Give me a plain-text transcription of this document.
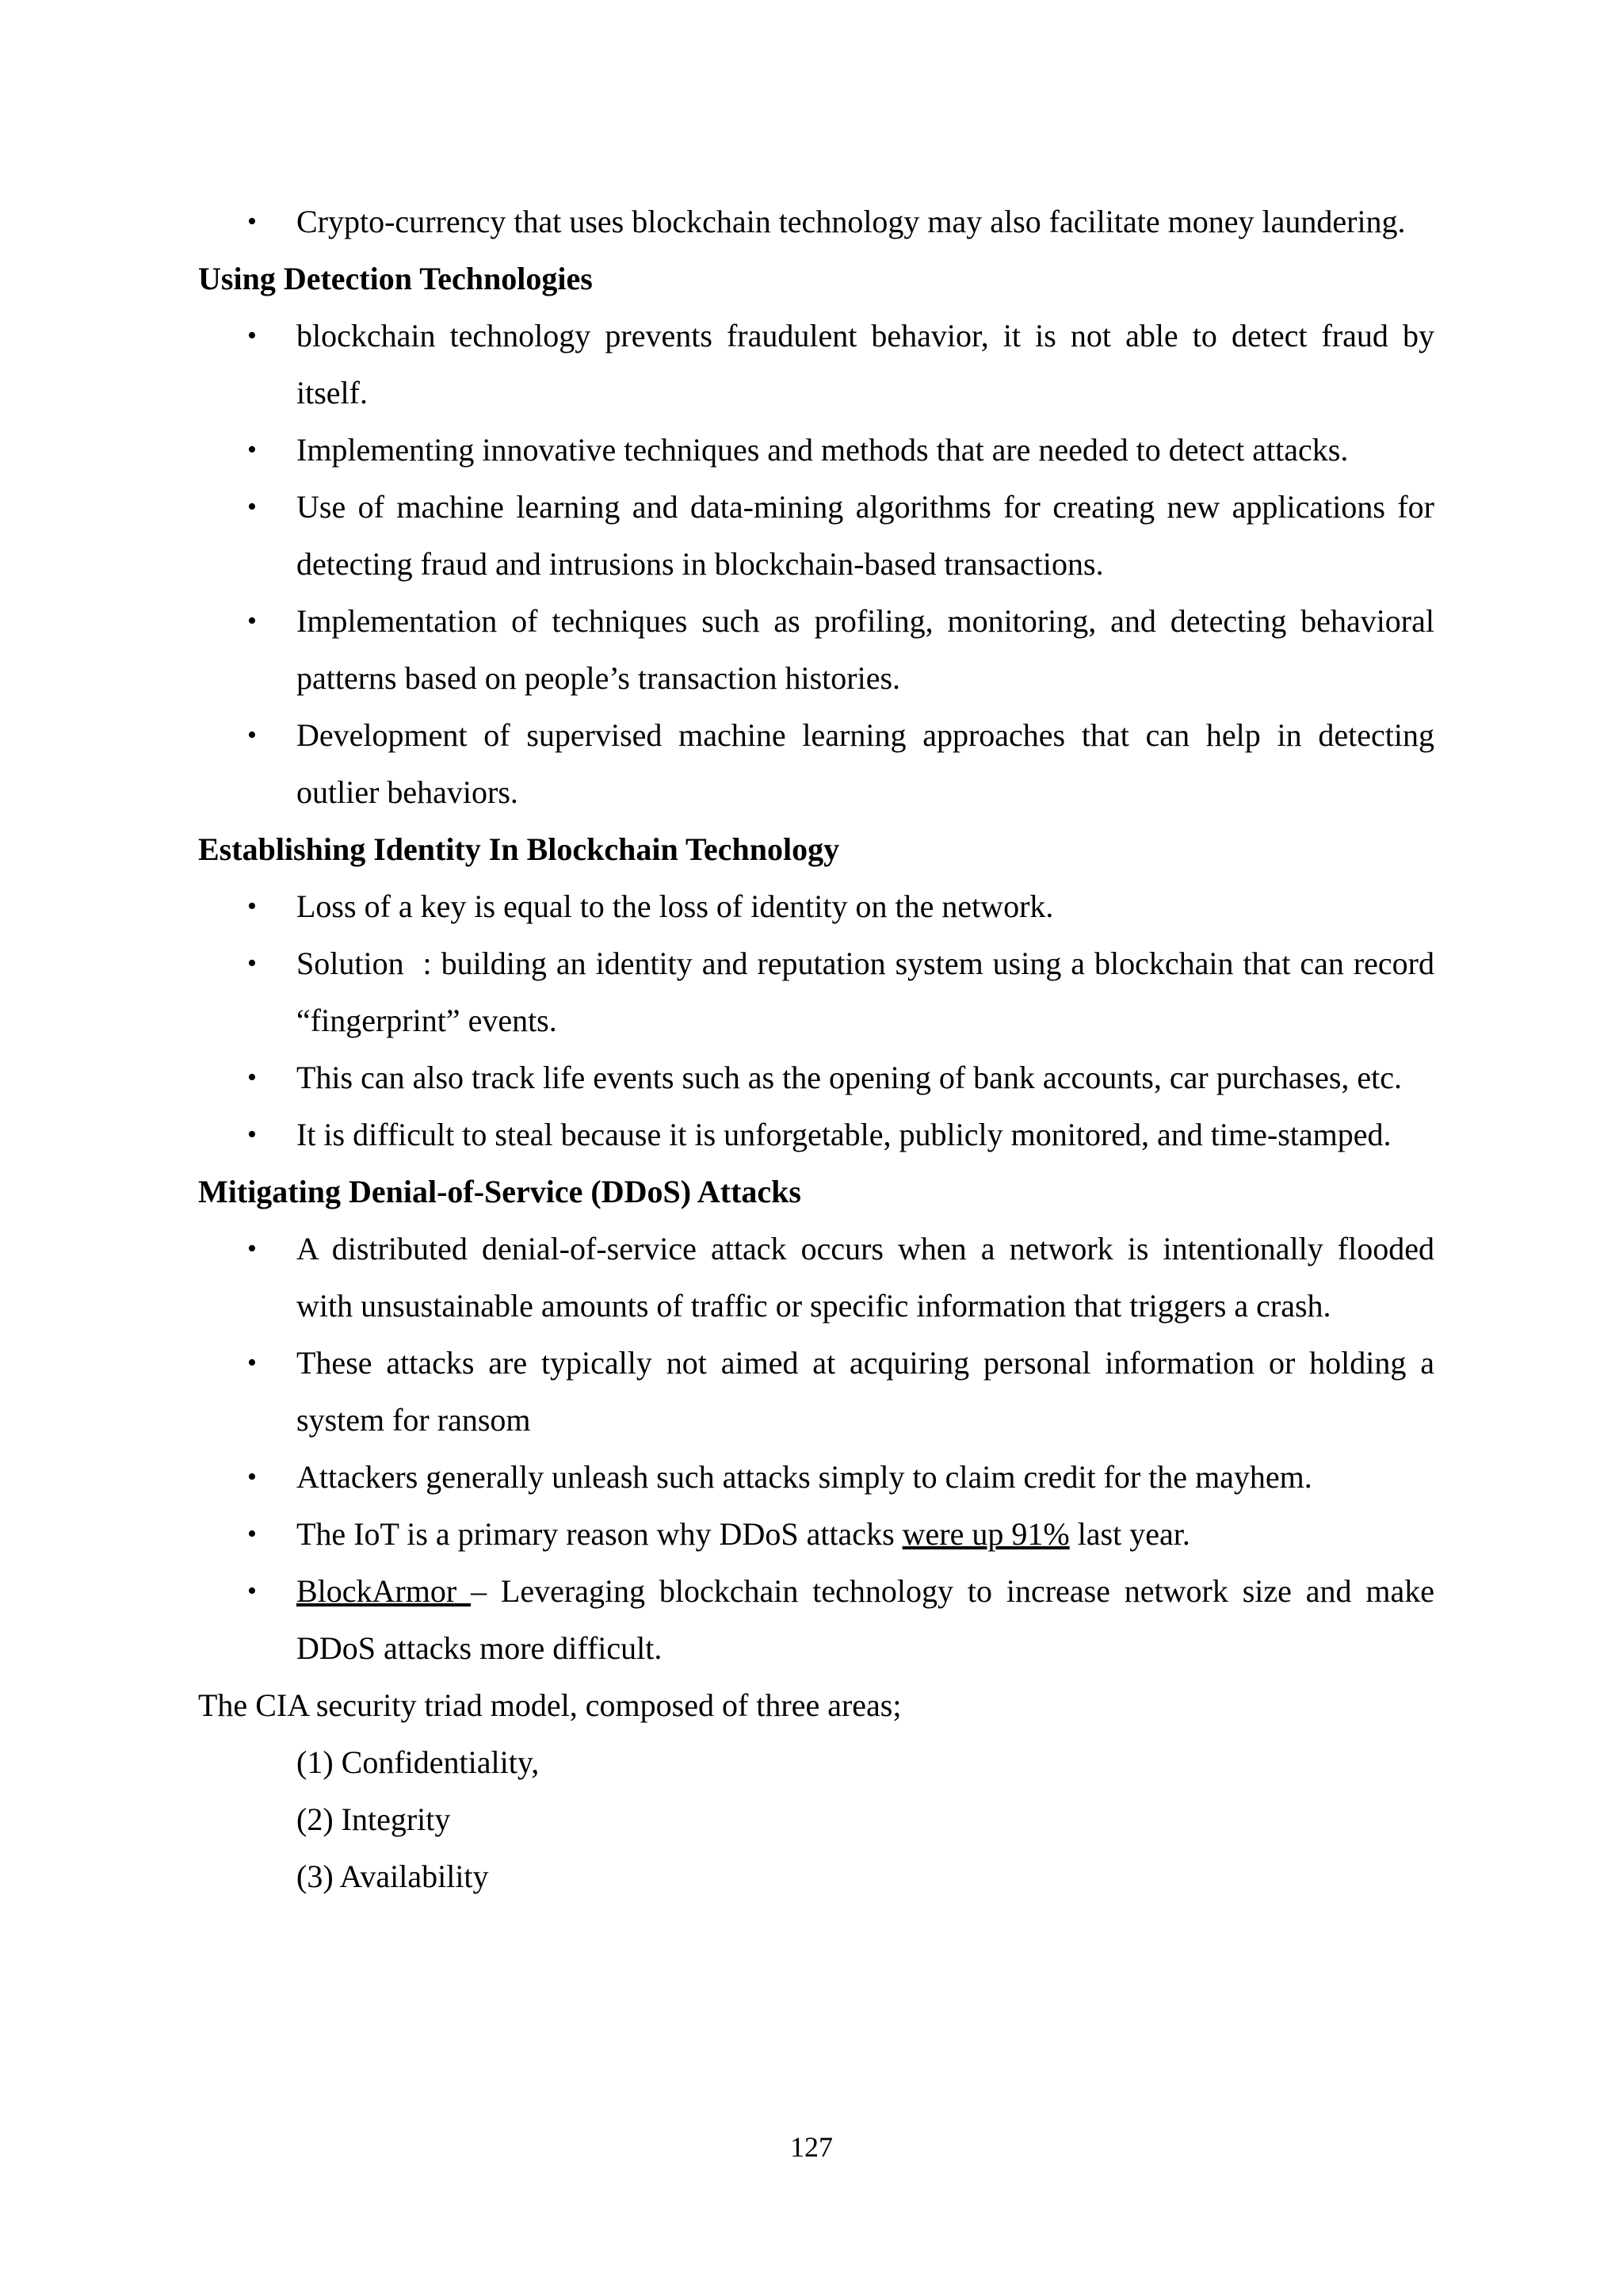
• Crypto-currency that uses blockchain technology may also facilitate money laundering.

Using Detection Technologies

• blockchain technology prevents fraudulent behavior, it is not able to detect fraud by itself.
• Implementing innovative techniques and methods that are needed to detect attacks.
• Use of machine learning and data-mining algorithms for creating new applications for detecting fraud and intrusions in blockchain-based transactions.
• Implementation of techniques such as profiling, monitoring, and detecting behavioral patterns based on people’s transaction histories.
• Development of supervised machine learning approaches that can help in detecting outlier behaviors.

Establishing Identity In Blockchain Technology

• Loss of a key is equal to the loss of identity on the network.
• Solution  : building an identity and reputation system using a blockchain that can record “fingerprint” events.
• This can also track life events such as the opening of bank accounts, car purchases, etc.
• It is difficult to steal because it is unforgetable, publicly monitored, and time-stamped.

Mitigating Denial-of-Service (DDoS) Attacks

• A distributed denial-of-service attack occurs when a network is intentionally flooded with unsustainable amounts of traffic or specific information that triggers a crash.
• These attacks are typically not aimed at acquiring personal information or holding a system for ransom
• Attackers generally unleash such attacks simply to claim credit for the mayhem.
• The IoT is a primary reason why DDoS attacks were up 91% last year.
• BlockArmor – Leveraging blockchain technology to increase network size and make DDoS attacks more difficult.

The CIA security triad model, composed of three areas;

(1) Confidentiality,

(2) Integrity

(3) Availability

127
